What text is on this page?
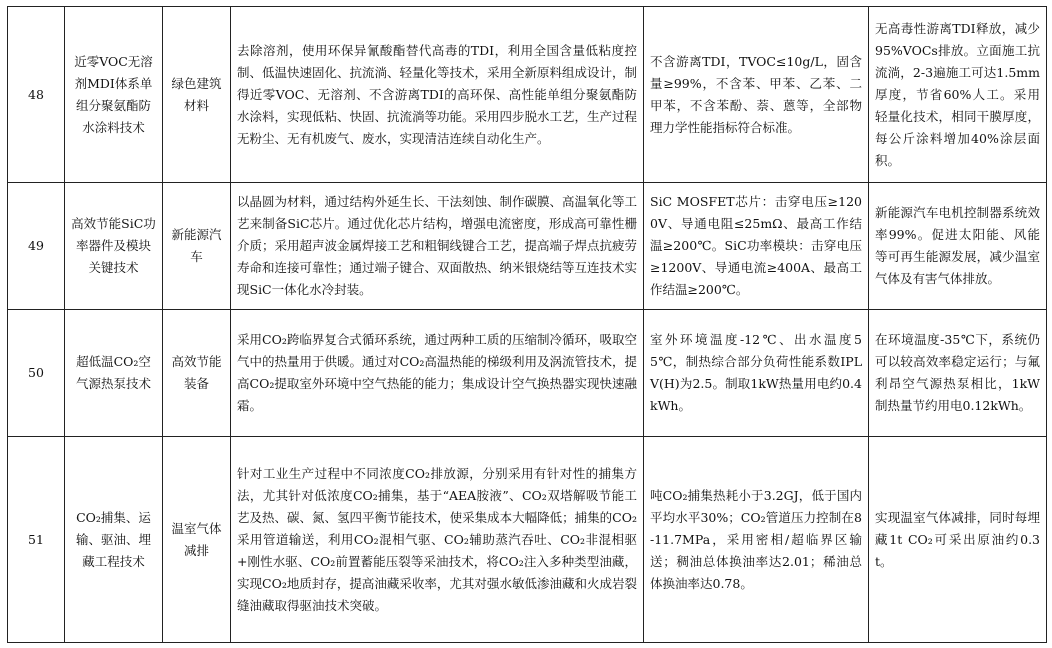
48	近零VOC无溶剂MDI体系单组分聚氨酯防水涂料技术	绿色建筑材料	去除溶剂，使用环保异氰酸酯替代高毒的TDI，利用全国含量低粘度控制、低温快速固化、抗流淌、轻量化等技术，采用全新原料组成设计，制得近零VOC、无溶剂、不含游离TDI的高环保、高性能单组分聚氨酯防水涂料，实现低粘、快固、抗流淌等功能。采用四步脱水工艺，生产过程无粉尘、无有机废气、废水，实现清洁连续自动化生产。	不含游离TDI，TVOC≤10g/L，固含量≥99%，不含苯、甲苯、乙苯、二甲苯，不含苯酚、萘、蒽等，全部物理力学性能指标符合标准。	无高毒性游离TDI释放，减少95%VOCs排放。立面施工抗流淌，2-3遍施工可达1.5mm厚度，节省60%人工。采用轻量化技术，相同干膜厚度，每公斤涂料增加40%涂层面积。
49	高效节能SiC功率器件及模块关键技术	新能源汽车	以晶圆为材料，通过结构外延生长、干法刻蚀、制作碳膜、高温氧化等工艺来制备SiC芯片。通过优化芯片结构，增强电流密度，形成高可靠性栅介质；采用超声波金属焊接工艺和粗铜线键合工艺，提高端子焊点抗疲劳寿命和连接可靠性；通过端子键合、双面散热、纳米银烧结等互连技术实现SiC一体化水冷封装。	SiC MOSFET芯片：击穿电压≥1200V、导通电阻≤25mΩ、最高工作结温≥200℃。SiC功率模块：击穿电压≥1200V、导通电流≥400A、最高工作结温≥200℃。	新能源汽车电机控制器系统效率99%。促进太阳能、风能等可再生能源发展，减少温室气体及有害气体排放。
50	超低温CO₂空气源热泵技术	高效节能装备	采用CO₂跨临界复合式循环系统，通过两种工质的压缩制冷循环，吸取空气中的热量用于供暖。通过对CO₂高温热能的梯级利用及涡流管技术，提高CO₂提取室外环境中空气热能的能力；集成设计空气换热器实现快速融霜。	室外环境温度-12℃、出水温度55℃，制热综合部分负荷性能系数IPLV(H)为2.5。制取1kW热量用电约0.4kWh。	在环境温度-35℃下，系统仍可以较高效率稳定运行；与氟利昂空气源热泵相比，1kW制热量节约用电0.12kWh。
51	CO₂捕集、运输、驱油、埋藏工程技术	温室气体减排	针对工业生产过程中不同浓度CO₂排放源，分别采用有针对性的捕集方法，尤其针对低浓度CO₂捕集，基于“AEA胺液”、CO₂双塔解吸节能工艺及热、碳、氮、氢四平衡节能技术，使采集成本大幅降低；捕集的CO₂采用管道输送，利用CO₂混相气驱、CO₂辅助蒸汽吞吐、CO₂非混相驱+刚性水驱、CO₂前置蓄能压裂等采油技术，将CO₂注入多种类型油藏，实现CO₂地质封存，提高油藏采收率，尤其对强水敏低渗油藏和火成岩裂缝油藏取得驱油技术突破。	吨CO₂捕集热耗小于3.2GJ，低于国内平均水平30%；CO₂管道压力控制在8-11.7MPa，采用密相/超临界区输送；稠油总体换油率达2.01；稀油总体换油率达0.78。	实现温室气体减排，同时每埋藏1t CO₂可采出原油约0.3t。
